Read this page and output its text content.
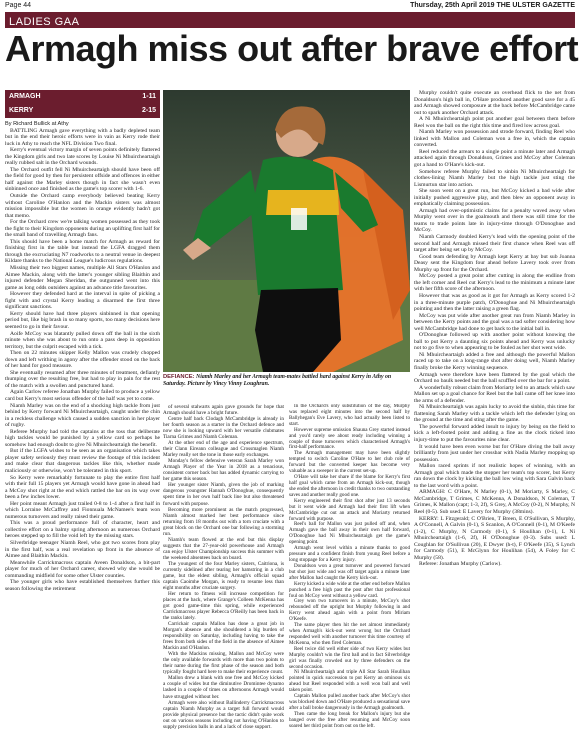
Page 44	Thursday, 25th April 2019 THE ULSTER GAZETTE
LADIES GAA
Armagh miss out after brave effort
ARMAGH	1-11
KERRY	2-15

By Richard Bullick at Athy

BATTLING Armagh gave everything with a badly depleted team but in the end their heroic efforts were in vain as Kerry rode their luck in Athy to reach the NFL Division Two final.

Kerry's eventual victory margin of seven points definitely flattered the Kingdom girls and two late scores by Louise Ni Mhuircheartaigh really rubbed salt in the Orchard wounds.

The Orchard outfit fell Ni Mhuircheartaigh should have been off the field for good by then for persistent offside and offences in either half against the Marley sisters though in fact she wasn't even sinbinned once and finished as the game's top scorer with 1-6.

Outside the Orchard camp everybody believed beating Kerry without Caroline O'Hanlon and the Mackin sisters was almost mission impossible but the women in orange evidently hadn't got that memo.

For the Orchard crew we're talking women possessed as they took the fight to their Kingdom opponents during an uplifting first half for the small band of travelling Armagh fans.

This should have been a home match for Armagh as reward for finishing first in the table but instead the LGFA dragged them through the excruciating N7 roadworks to a neutral venue in deepest Kildare thanks to the National League's ludicrous regulations.

Missing their two biggest names, multiple All Stars O'Hanlon and Aimee Mackin, along with the latter's younger sibling Blaithin and injured defender Megan Sheridan, the outgunned went into this game as long odds outsiders against an advance title favourites.

However they defended hard at the interval in spite of picking a fight with and crystal Kerry leading a disarmed the first three significant sanctions.

Kerry should have had three players sinbinned in that opening period but, like big brash in so many sports, too many decisions here seemed to go in their favour.

Aoife McCoy was blatantly pulled down off the ball in the sixth minute when she was about to run onto a pass deep in opposition territory, but the culprit escaped with a tick.

Then on 22 minutes skipper Kelly Mallon was crudely chopped down and left writhing in agony after the offender stood on the back of her hand for good measure.

She eventually resumed after three minutes of treatment, defiantly thumping over the resulting free, but had to play in pain for the rest of the match with a swollen and punctured hand.

Again Carlow referee Jonathan Murphy failed to produce a yellow card but Kerry's most serious offender of the half was yet to come.

Niamh Marley was on the end of a shocking high tackle from just behind by Kerry forward Ni Mhuircheartaigh, caught under the chin in a reckless challenge which caused a sudden sanction in her player of rugby.

Referee Murphy had told the captains at the toss that deliberate high tackles would be punished by a yellow card so perhaps he somehow had enough doubt to give Ni Mhuircheartaigh the benefit.

But if the LGFA wishes to be seen as an organisation which takes player safety seriously they must review the footage of this incident and make clear that dangerous tackles like this, whether made maliciously or otherwise, won't be tolerated in this sport.

So Kerry were remarkably fortunate to play the entire first half with their full 15 players yet Armagh would have gone in ahead had a McCoy shot right at the end which rattled the bar on its way over been a few inches lower.

Her point meant Armagh just trailed 0-8 to 1-4 after a first half in which Lorraine McCaffrey and Fionnuala McNamee's team won numerous turnovers and really raised their game.

This was a proud performance full of character, heart and collective effort on a balmy spring afternoon as numerous Orchard heroes stepped up to fill the void left by the missing stars.

Silverbridge teenager Niamh Reel, who got two scores from play in the first half, was a real revelation up front in the absence of Aimee and Blaithin Mackin.

Meanwhile Carrickmacross captain Aveen Donaldson, a bit-part player for much of her Orchard career, showed why she would be commanding midfield for some other Ulster counties.

The younger girls who have established themselves further this season following the retirement

DEFIANCE: Niamh Marley and her Armagh team-mates battled hard against Kerry in Athy on Saturday. Picture by Vincy Vinny Loughran.

of several stalwarts again gave grounds for hope that Armagh should have a bright future.

Centre half back Clodagh McCambridge is already in her fourth season as a starter in the Orchard defence and now she is looking upward with her versatile clubmates Tiarna Grimes and Niamh Coleman.

At the other end of the age and experience spectrum, their Clann Eireann colleague and Crossmaglen Niamh Marley really set the tone in those early exchanges.

Monday's fellow defensive veteran Sarah Marley won Armagh Player of the Year in 2018 as a tenacious, consistent corner back but has added dynamic carrying to her game this season.

Her younger sister Niamh, given the job of marking dangerous youngster Hannah O'Donoghue, consequently spent time in her own half back line but also threatened forward with purpose.

Becoming more prominent as the match progressed, Niamh almost marked her best performance since returning from 18 months out with a torn cruciate with a great block on the Orchard one bar following a storming run.

Niamh's team flowed at the end but this display suggests that the 27-year-old powerhouse and Armagh can enjoy Ulster Championship success this summer with the weekend absentees back on board.

The youngest of the four Marley sisters, Caitriona, is currently sidelined after tearing her hamstring in a club game, but the eldest sibling, Armagh's official squad captain Caoimhe Morgan, is ready to resume less than eight months after cruciate surgery.

Her return to fitness will increase competition for places at the back, where Grange's Colleen McKenna has got good game-time this spring, while experienced Carrickmacross player Rebecca O'Reilly has been back in the ranks lately.

Carrickair captain Mallon has done a great job in Morgan's absence and she shouldered a big burden of responsibility on Saturday, including having to take the frees from both sides of the field in the absence of Aimee Mackin and O'Hanlon.

With the Mackins missing, Mallon and McCoy were the only available forwards with more than two points to their name during the first phase of the season and both typically fought hard here to make their experience count.

Mallon drew a blank with one free and McCoy kicked a couple of wides but the diminutive Dromintee dynamo lashed in a couple of times on afternoons Armagh would have struggled without her.

Armagh were also without Ballinderry Carrickmacross captain Niamh Murphy as a target full forward would provide physical presence but the tactic didn't quite work out on various seasons including not having O'Hanlon to supply precision balls in and a lack of close support.

In the Orchard's only substitution of the day, Murphy was replaced eight minutes into the second half by Ballyhegan's Eve Lavery, who had actually been listed to start.

However supreme omission Shauna Grey started instead and you'd rarely see about ready including winning a couple of those turnovers which characterised Armagh's first-half performance.

The Armagh management may have been slightly tempted to switch Caroline O'Hare to her club role of forward but the converted keeper has become very valuable as a sweeper in the current set-up.

O'Hare will take her share if the blame for Kerry's first half goal which came from an Armagh kick-out, though she ended the afternoon in credit thanks to two outstanding saves and another really good one.

Kerry engineered their first shot after just 13 seconds but it went wide and Armagh had their first lift when McCambridge cut out an attack and Moriarty returned forward with purpose.

Reel's ball for Mallon was just pulled off and, when Armagh gave the ball away in their own half forward, O'Donoghue had Ni Mhuircheartaigh get the game's opening point.

Armagh went level within a minute thanks to good pressure and a confident finish from young Reel before a long stoppage for a Kerry injury.

Donaldson won a great turnover and powered forward but shot just wide and was off target again a minute later after Mallon had caught the Kerry kick-out.

Kerry kicked a wide wide at the other end before Mallon punched a free high past the post after that professional foul on McCoy went without a yellow card.

Grey won two turnovers in a minute, McCoy's shot rebounded off the upright but Murphy following in and Kerry went ahead again with a point from Miriam O'Keefe.

The same player then hit the net almost immediately when Armagh's kick-out went wrong but the Orchard responded well with another turnover this time courtesy of McKenna, who then fired Coleman.

Reel twice did well either side of two Kerry wides but Murphy couldn't win the first ball and in fact Silverbridge girl was finally crowded out by three defenders on the second occasion.

Ni Mhuircheartaigh and triple All Star Sarah Houlihan pointed in quick succession to put Kerry an ominous six ahead but Reel responded with a well won ball and well taken point.

Captain Mallon pulled another back after McCoy's shot was blocked down and O'Hare produced a sensational save after a ball broke dangerously in the Armagh goalmouth.

Then came the long break for Mallon's injury but she banged over the free after resuming and McCoy soon soared her third point from out on the left.

Murphy couldn't quite execute an overhead flick to the net from Donaldson's high ball in, O'Hare produced another good save for a 45 and Armagh showed composure at the back before McCambridge came out to spark another Orchard attack.

A Ni Mhuircheartaigh point put another goal between them before Reel won the ball on the right this time and fired low across goal.

Niamh Marley won possession and strode forward, finding Reel who linked with Mallon and Coleman won a free in, which the captain converted.

Reel reduced the arrears to a single point a minute later and Armagh attacked again through Donaldson, Grimes and McCoy after Coleman got a hand to O'Hare's kick-out.

Somehow referee Murphy failed to sinbin Ni Mhuircheartaigh for clothes-lining Niamh Marley but the high tackle just sting the Lismurtun star into action.

She soon went on a great run, but McCoy kicked a bad wide after initially pushed aggressive play, and then blew an opponent away in emphatically claiming possession.

Armagh had over-optimistic claims for a penalty waved away when Murphy went over in the goalmouth and there was still time for the teams to trade points late in injury-time through O'Donoghue and McCoy.

Niamh Carmody doubled Kerry's lead with the opening point of the second half and Armagh missed their first chance when Reel was off target after being set up by McCoy.

Good team defending by Armagh kept Kerry at bay but sub Joanna Deasy sent the Kingdom four ahead before Lavery took over from Murphy up front for the Orchard.

McCoy posted a great point after cutting in along the endline from the left corner and Reel cut Kerry's lead to the minimum a minute later with her fifth score of the afternoon.

However that was as good as it got for Armagh as Kerry scored 1-2 in a three-minute purple patch, O'Donoghue and Ni Mhuircheartaigh pointing and then the latter raising a green flag.

McCoy was put wide after another great run from Niamh Marley in between the Kerry points and the goal was a tad softer considering how well McCambridge had done to get back to the initial ball in.

O'Donoghue followed up with another point without knowing the ball to put Kerry a daunting six points ahead and Kerry was unlucky not to go five to when appearing to be fouled as her shot went wide.

Ni Mhuircheartaigh added a free and although the powerful Mallon raced up to take on a long-range shot after doing well, Niamh Marley finally broke the Kerry winning sequence.

Armagh were therefore have been flattered by the goal which the Orchard no baulk needed but the ball scuffled over the bar for a point.

A wonderfully robust claim from Moriarty led to an attack which saw Mallon set up a goal chance for Reel but the ball came off her knee into the arms of a defender.

Ni Mhuircheartaigh was again lucky to avoid the sinbin, this time for flattening Sarah Marley with a tackle which left the defender lying on the ground at the time and sting after the game.

The powerful forward added insult to injury by being on the field to kick a left-footed point and adding a fine as the clock ticked into injury-time to put the favourites nine clear.

It would have been even worse but for O'Hare diving the ball away brilliantly from just under her crossbar with Nadia Marley mopping up possession.

Mallon raced sprints if not realistic hopes of winning, with an Armagh goal which made the stopper her team's top scorer, but Kerry ran down the clock by kicking the ball low wing with Sara Galvin back to the last word with a point.

ARMAGH: C O'Hare, N Marley (0-1), M Moriarty, S Marley, C McCambridge, T Grimes, C McKenna, A Donaldson, N Coleman, T Grimes, K Mallon (capt; 1-3, 2f), S Grey, A McCoy (0-2), N Murphy, N Reel (0-5). Sub used: E Lavery for Murphy (38mins).

KERRY: L Fitzgerald; C O'Brien, T Breen, E O'Sullivan, S Murphy, A O'Connell, A Galvin (0-1), S Scanlon, A O'Connell (0-1), M O'Keefe (1-2), C Murphy, N Carmody (0-1), S Houlihan (0-1), L Ni Mhuircheartaigh (1-6, 2f), H O'Donoghue (0-3). Subs used: L Coughlan for O'Sullivan (20), E Dwyer (h-t), F O'Keefe (35), S Lynch for Carmody (51), E McGlynn for Houlihan (54), A Foley for C Murphy (58).

Referee: Jonathan Murphy (Carlow).
